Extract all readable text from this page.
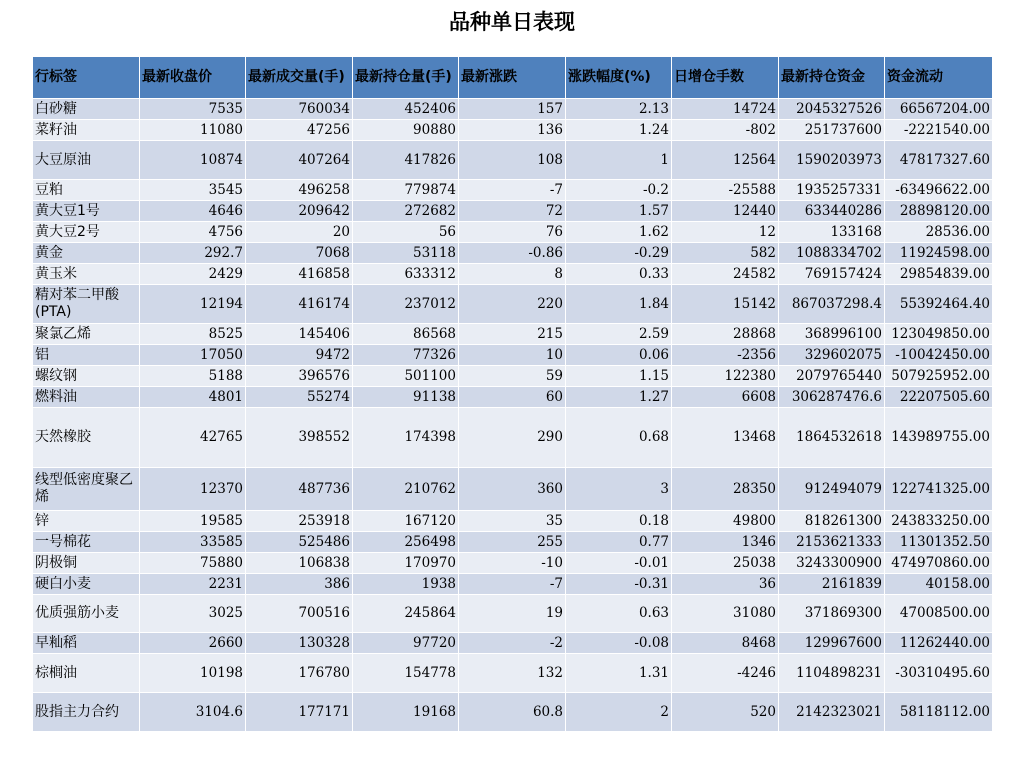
品种单日表现
行标签	最新收盘价	最新成交量(手)	最新持仓量(手)	最新涨跌	涨跌幅度(%)	日增仓手数	最新持仓资金	资金流动
白砂糖	7535	760034	452406	157	2.13	14724	2045327526	66567204.00
菜籽油	11080	47256	90880	136	1.24	-802	251737600	-2221540.00
大豆原油	10874	407264	417826	108	1	12564	1590203973	47817327.60
豆粕	3545	496258	779874	-7	-0.2	-25588	1935257331	-63496622.00
黄大豆1号	4646	209642	272682	72	1.57	12440	633440286	28898120.00
黄大豆2号	4756	20	56	76	1.62	12	133168	28536.00
黄金	292.7	7068	53118	-0.86	-0.29	582	1088334702	11924598.00
黄玉米	2429	416858	633312	8	0.33	24582	769157424	29854839.00
精对苯二甲酸(PTA)	12194	416174	237012	220	1.84	15142	867037298.4	55392464.40
聚氯乙烯	8525	145406	86568	215	2.59	28868	368996100	123049850.00
铝	17050	9472	77326	10	0.06	-2356	329602075	-10042450.00
螺纹钢	5188	396576	501100	59	1.15	122380	2079765440	507925952.00
燃料油	4801	55274	91138	60	1.27	6608	306287476.6	22207505.60
天然橡胶	42765	398552	174398	290	0.68	13468	1864532618	143989755.00
线型低密度聚乙烯	12370	487736	210762	360	3	28350	912494079	122741325.00
锌	19585	253918	167120	35	0.18	49800	818261300	243833250.00
一号棉花	33585	525486	256498	255	0.77	1346	2153621333	11301352.50
阴极铜	75880	106838	170970	-10	-0.01	25038	3243300900	474970860.00
硬白小麦	2231	386	1938	-7	-0.31	36	2161839	40158.00
优质强筋小麦	3025	700516	245864	19	0.63	31080	371869300	47008500.00
早籼稻	2660	130328	97720	-2	-0.08	8468	129967600	11262440.00
棕榈油	10198	176780	154778	132	1.31	-4246	1104898231	-30310495.60
股指主力合约	3104.6	177171	19168	60.8	2	520	2142323021	58118112.00
